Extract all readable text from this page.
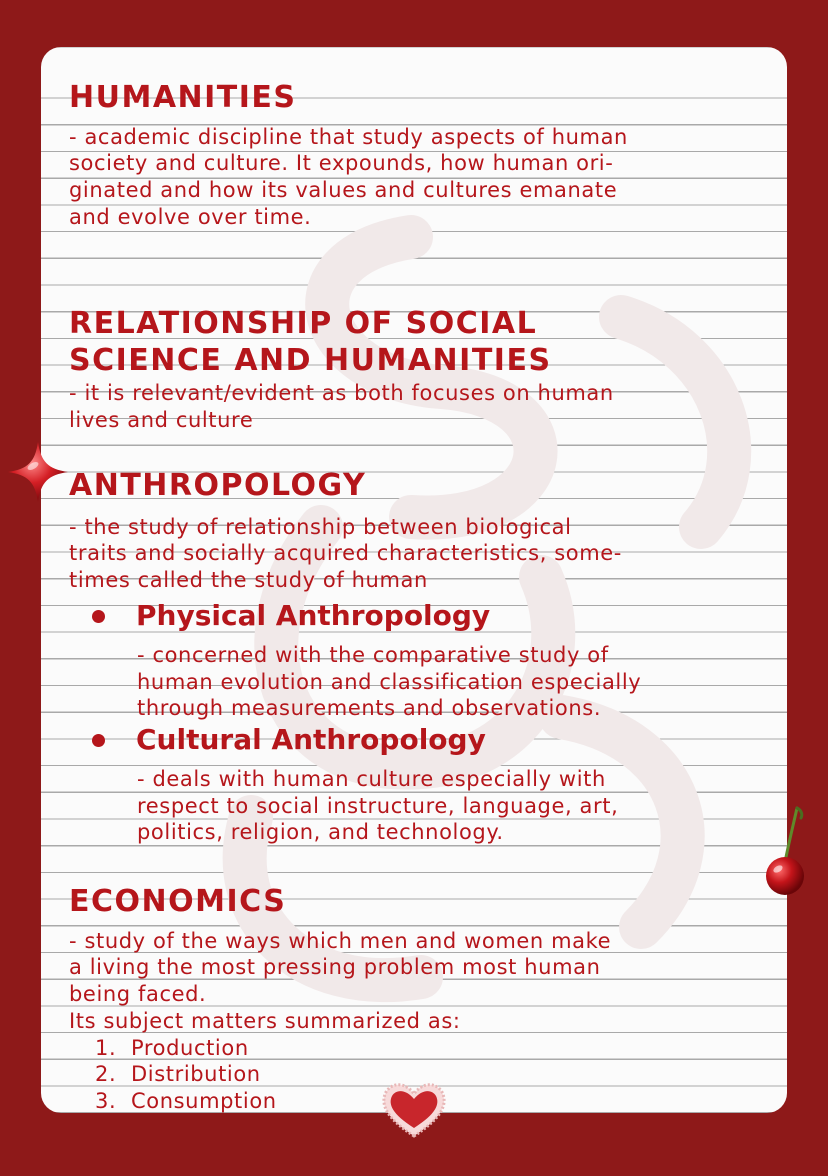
HUMANITIES

- academic discipline that study aspects of human

society and culture. It expounds, how human ori-

ginated and how its values and cultures emanate

and evolve over time.

RELATIONSHIP OF SOCIAL
SCIENCE AND HUMANITIES

- it is relevant/evident as both focuses on human

lives and culture

ANTHROPOLOGY

- the study of relationship between biological

traits and socially acquired characteristics, some-

times called the study of human

Physical Anthropology

- concerned with the comparative study of

human evolution and classification especially

through measurements and observations.

Cultural Anthropology

- deals with human culture especially with

respect to social instructure, language, art,

politics, religion, and technology.

ECONOMICS

- study of the ways which men and women make

a living the most pressing problem most human

being faced.

Its subject matters summarized as:

1. Production
2. Distribution
3. Consumption
